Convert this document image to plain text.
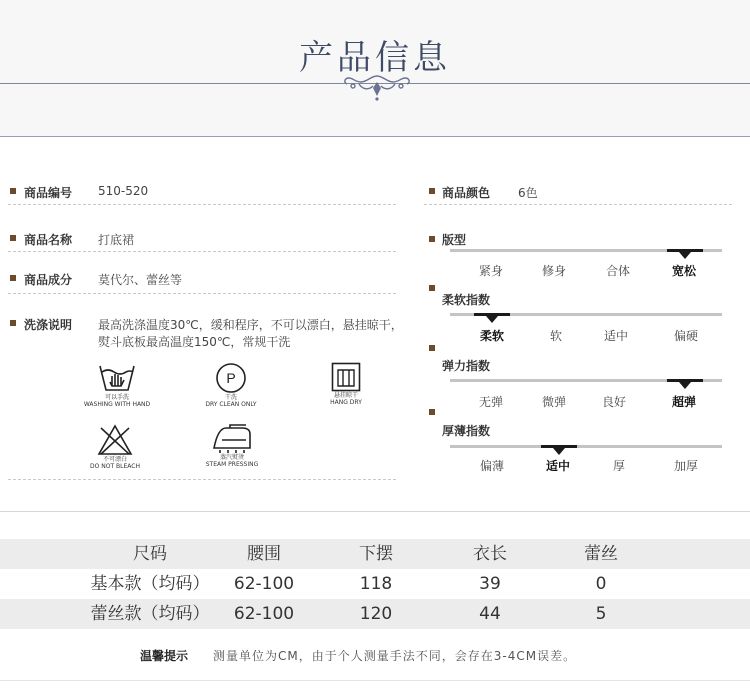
产品信息
商品编号 510-520
商品名称 打底裙
商品成分 莫代尔、蕾丝等
洗涤说明 最高洗涤温度30℃，缓和程序，不可以漂白，悬挂晾干，
熨斗底板最高温度150℃，常规干洗
可以手洗
WASHING WITH HAND
P
干洗
DRY CLEAN ONLY
悬挂晾干
HANG DRY
不可漂白
DO NOT BLEACH
蒸汽熨烫
STEAM PRESSING
商品颜色 6色
版型
紧身	修身	合体	宽松
柔软指数
柔软	软	适中	偏硬
弹力指数
无弹	微弹	良好	超弹
厚薄指数
偏薄	适中	厚	加厚
尺码	腰围	下摆	衣长	蕾丝
基本款（均码）	62-100	118	39	0
蕾丝款（均码）	62-100	120	44	5
温馨提示 测量单位为CM，由于个人测量手法不同，会存在3-4CM误差。
